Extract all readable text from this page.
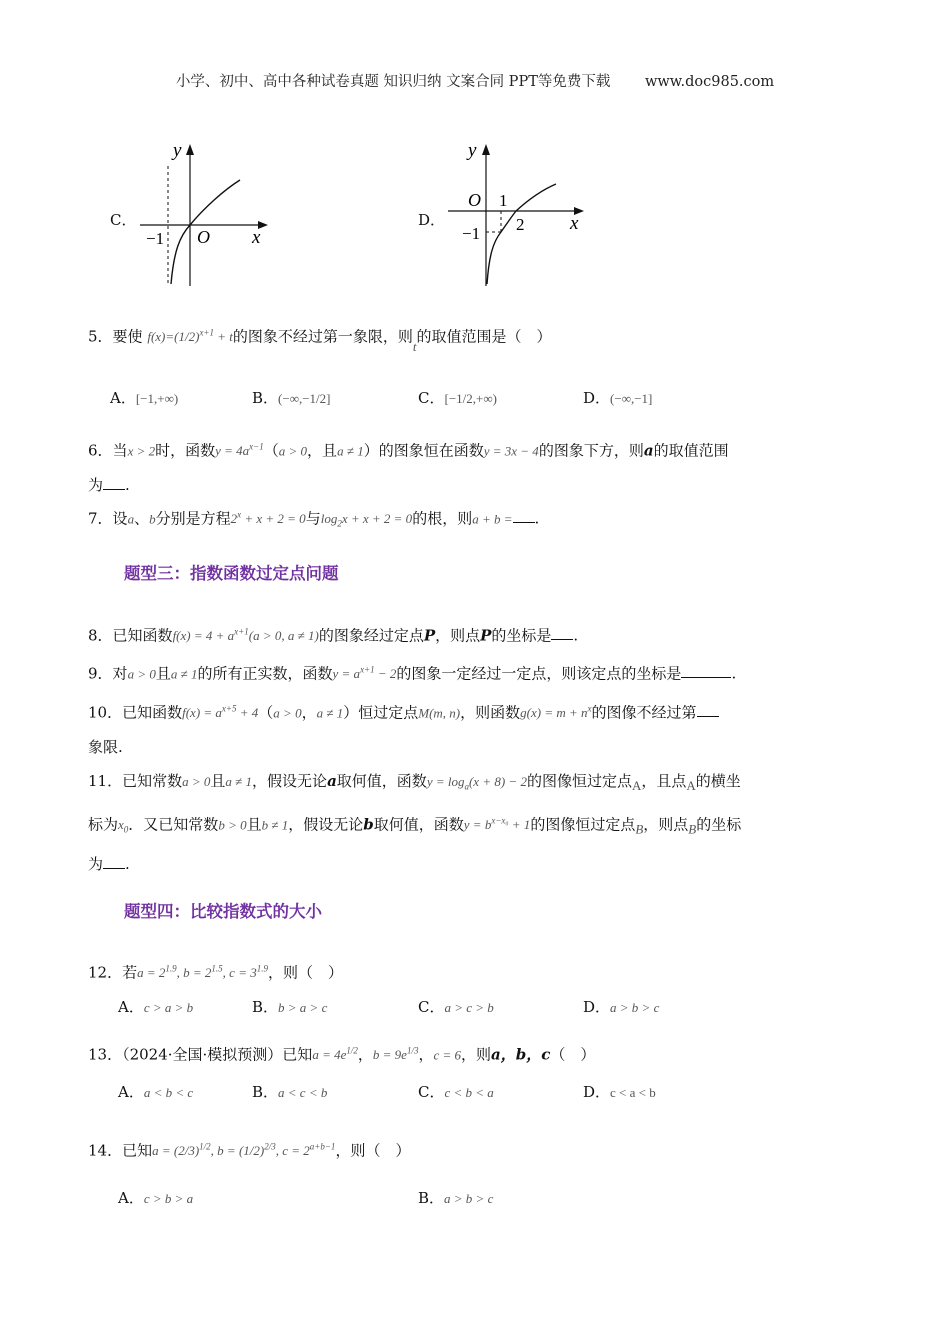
小学、初中、高中各种试卷真题 知识归纳 文案合同 PPT等免费下载 www.doc985.com
C．
y
x
O
−1
D．
y
x
O 1
2
−1
5．要使 $f(x)=(1/2)^{x+1} + t$的图象不经过第一象限，则t的取值范围是（　）
A．[−1,+∞)	B．(−∞,−1/2]	C．[−1/2,+∞)	D．(−∞,−1]
6．当x > 2时，函数$y = 4a^{x-1}(a > 0$，且a ≠ 1）的图象恒在函数y = 3x − 4的图象下方，则a的取值范围
为 .
7．设a、b分别是方程$2^x + x + 2 = 0$与$\log_2x + x + 2 = 0$的根，则a + b = .
题型三：指数函数过定点问题
8．已知函数$f(x) = 4 + a^{x+1}(a > 0$, a ≠ 1)的图象经过定点P，则点P的坐标是 .
9．对a > 0且a ≠ 1的所有正实数，函数$y = a^{x+1} - 2$的图象一定经过一定点，则该定点的坐标是	.
10．已知函数$f(x) = a^{x+5} + 4(a > 0$，a ≠ 1）恒过定点M(m, n)，则函数$g(x) = m + n^x$的图像不经过第
象限.
11．已知常数a > 0且a ≠ 1，假设无论a取何值，函数$y = \log_a(x + 8) - 2$的图像恒过定点$_A$，且点$_A$的横坐
标为$x_0$．又已知常数b > 0且b ≠ 1，假设无论b取何值，函数$y = b^{x-x_0} + 1$的图像恒过定点$_B$，则点$_B$的坐标
为 .
题型四：比较指数式的大小
12．若$a = 2^{1.9}$, $b = 2^{1.5}$, $c = 3^{1.9}$，则（　）
A．c > a > b	B．b > a > c	C．a > c > b	D．a > b > c
13．（2024·全国·模拟预测）已知$a = 4e^{1/2}$，$b = 9e^{1/3}$，c = 6，则a，b，c（　）
A．a < b < c	B．a < c < b	C．c < b < a	D．c < a < b
14．已知$a = (2/3)^{1/2}$, $b = (1/2)^{2/3}$, $c = 2^{a+b-1}$，则（　）
A．c > b > a	B．a > b > c
